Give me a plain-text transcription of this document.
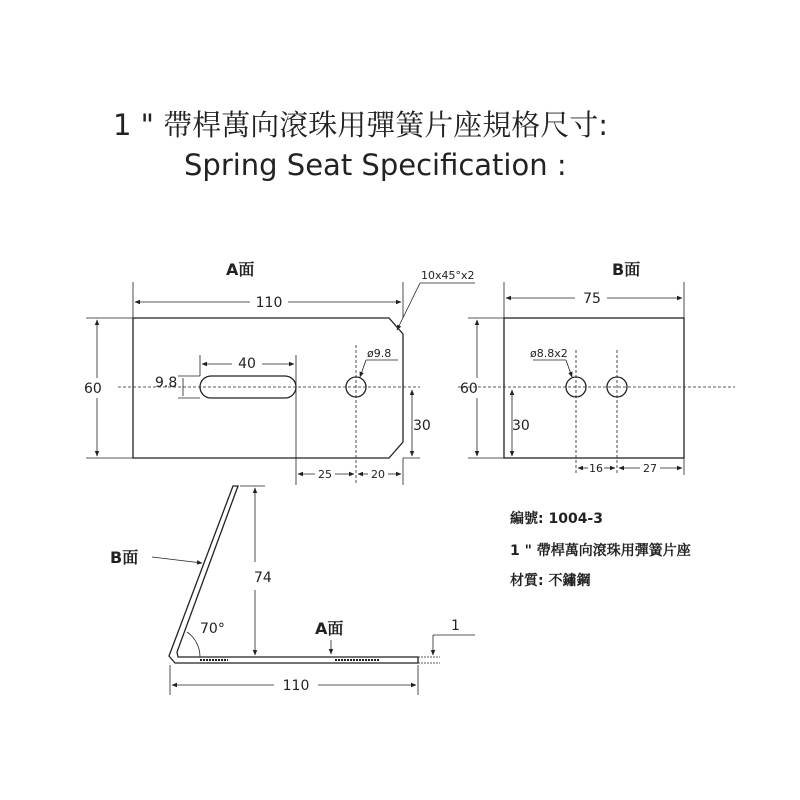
1 " 帶桿萬向滾珠用彈簧片座規格尺寸:
Spring Seat Specification :
A面
110
60
10x45°x2
40
9.8
ø9.8
30
25	20
B面
75
60
ø8.8x2
30
16	27
B面
A面
74
70°
110
1
編號: 1004-3
1 " 帶桿萬向滾珠用彈簧片座
材質: 不鏽鋼
